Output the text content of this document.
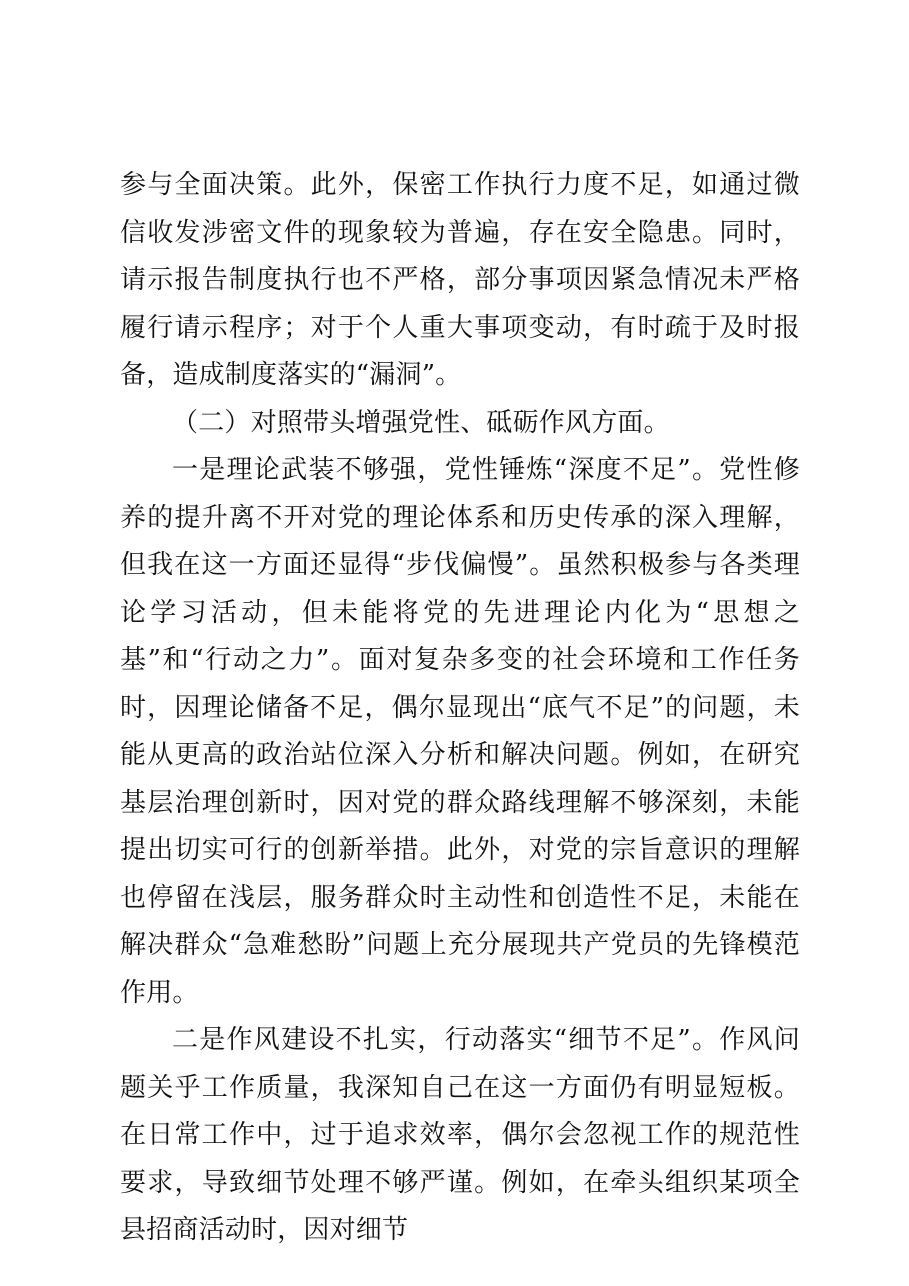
参与全面决策。此外，保密工作执行力度不足，如通过微信收发涉密文件的现象较为普遍，存在安全隐患。同时，请示报告制度执行也不严格，部分事项因紧急情况未严格履行请示程序；对于个人重大事项变动，有时疏于及时报备，造成制度落实的“漏洞”。

（二）对照带头增强党性、砥砺作风方面。

一是理论武装不够强，党性锤炼“深度不足”。党性修养的提升离不开对党的理论体系和历史传承的深入理解，但我在这一方面还显得“步伐偏慢”。虽然积极参与各类理论学习活动，但未能将党的先进理论内化为“思想之基”和“行动之力”。面对复杂多变的社会环境和工作任务时，因理论储备不足，偶尔显现出“底气不足”的问题，未能从更高的政治站位深入分析和解决问题。例如，在研究基层治理创新时，因对党的群众路线理解不够深刻，未能提出切实可行的创新举措。此外，对党的宗旨意识的理解也停留在浅层，服务群众时主动性和创造性不足，未能在解决群众“急难愁盼”问题上充分展现共产党员的先锋模范作用。

二是作风建设不扎实，行动落实“细节不足”。作风问题关乎工作质量，我深知自己在这一方面仍有明显短板。在日常工作中，过于追求效率，偶尔会忽视工作的规范性要求，导致细节处理不够严谨。例如，在牵头组织某项全县招商活动时，因对细节
